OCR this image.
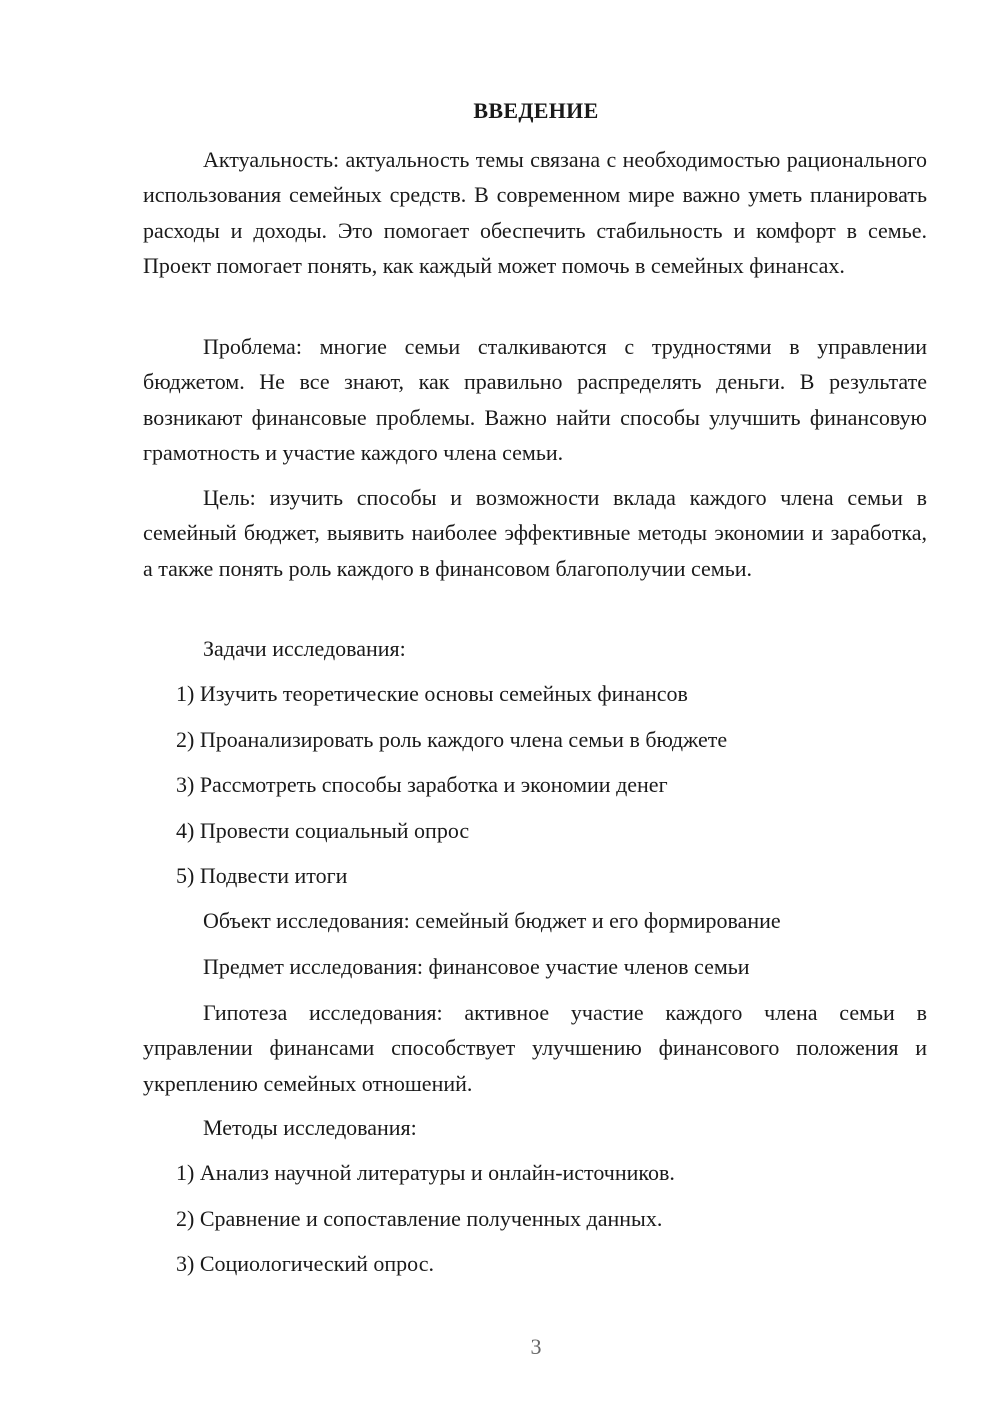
ВВЕДЕНИЕ

Актуальность: актуальность темы связана с необходимостью рационального использования семейных средств. В современном мире важно уметь планировать расходы и доходы. Это помогает обеспечить стабильность и комфорт в семье. Проект помогает понять, как каждый может помочь в семейных финансах.

Проблема: многие семьи сталкиваются с трудностями в управлении бюджетом. Не все знают, как правильно распределять деньги. В результате возникают финансовые проблемы. Важно найти способы улучшить финансовую грамотность и участие каждого члена семьи.

Цель: изучить способы и возможности вклада каждого члена семьи в семейный бюджет, выявить наиболее эффективные методы экономии и заработка, а также понять роль каждого в финансовом благополучии семьи.

Задачи исследования:

1) Изучить теоретические основы семейных финансов

2) Проанализировать роль каждого члена семьи в бюджете

3) Рассмотреть способы заработка и экономии денег

4) Провести социальный опрос

5) Подвести итоги

Объект исследования: семейный бюджет и его формирование

Предмет исследования: финансовое участие членов семьи

Гипотеза исследования: активное участие каждого члена семьи в управлении финансами способствует улучшению финансового положения и укреплению семейных отношений.

Методы исследования:

1) Анализ научной литературы и онлайн-источников.

2) Сравнение и сопоставление полученных данных.

3) Социологический опрос.

3
